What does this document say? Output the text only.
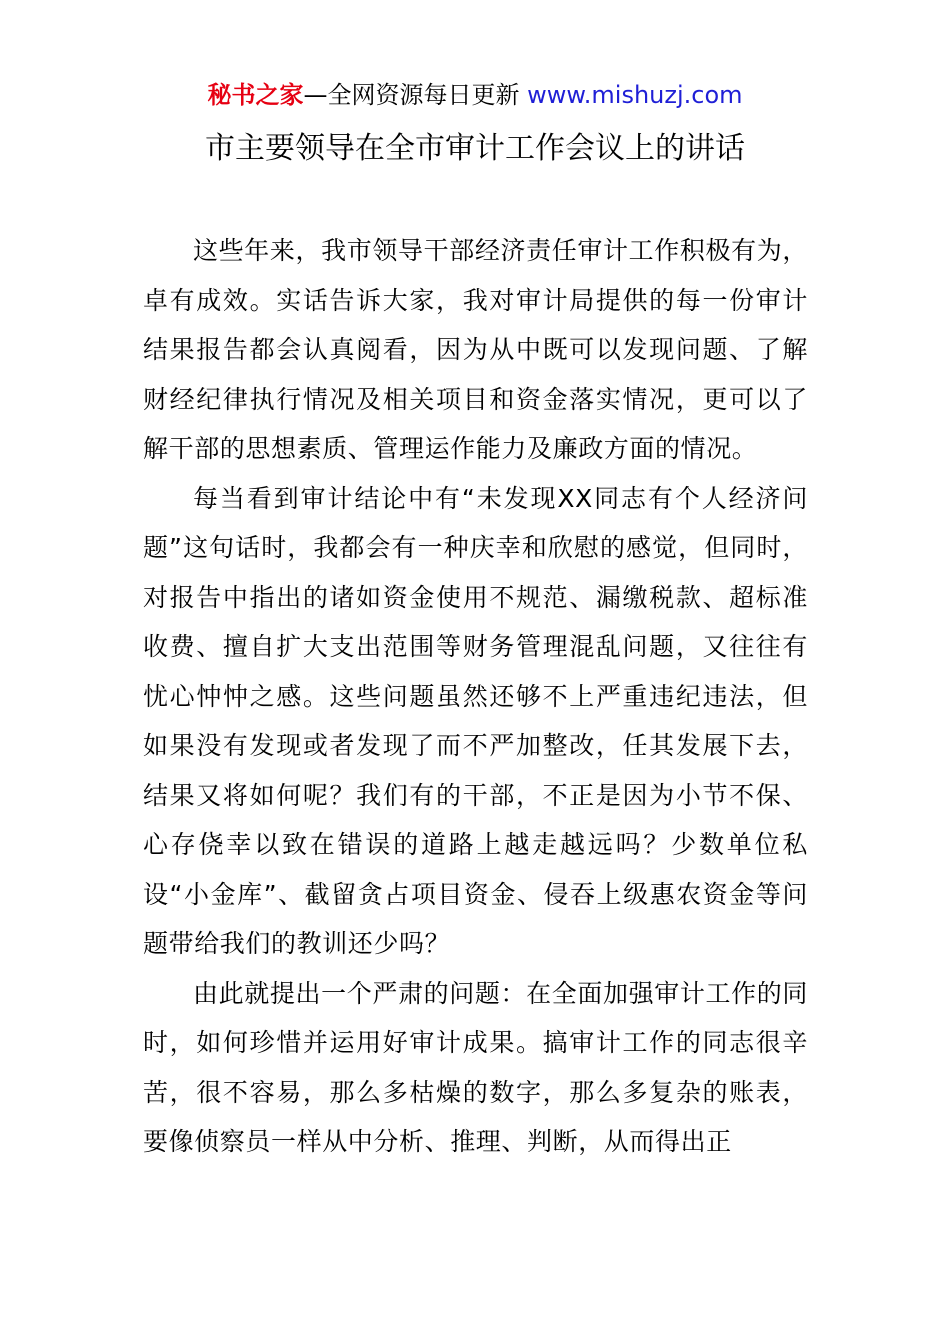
秘书之家—全网资源每日更新 www.mishuzj.com
市主要领导在全市审计工作会议上的讲话

这些年来，我市领导干部经济责任审计工作积极有为，卓有成效。实话告诉大家，我对审计局提供的每一份审计结果报告都会认真阅看，因为从中既可以发现问题、了解财经纪律执行情况及相关项目和资金落实情况，更可以了解干部的思想素质、管理运作能力及廉政方面的情况。

每当看到审计结论中有“未发现XX同志有个人经济问题”这句话时，我都会有一种庆幸和欣慰的感觉，但同时，对报告中指出的诸如资金使用不规范、漏缴税款、超标准收费、擅自扩大支出范围等财务管理混乱问题，又往往有忧心忡忡之感。这些问题虽然还够不上严重违纪违法，但如果没有发现或者发现了而不严加整改，任其发展下去，结果又将如何呢？我们有的干部，不正是因为小节不保、心存侥幸以致在错误的道路上越走越远吗？少数单位私设“小金库”、截留贪占项目资金、侵吞上级惠农资金等问题带给我们的教训还少吗？

由此就提出一个严肃的问题：在全面加强审计工作的同时，如何珍惜并运用好审计成果。搞审计工作的同志很辛苦，很不容易，那么多枯燥的数字，那么多复杂的账表，要像侦察员一样从中分析、推理、判断，从而得出正
